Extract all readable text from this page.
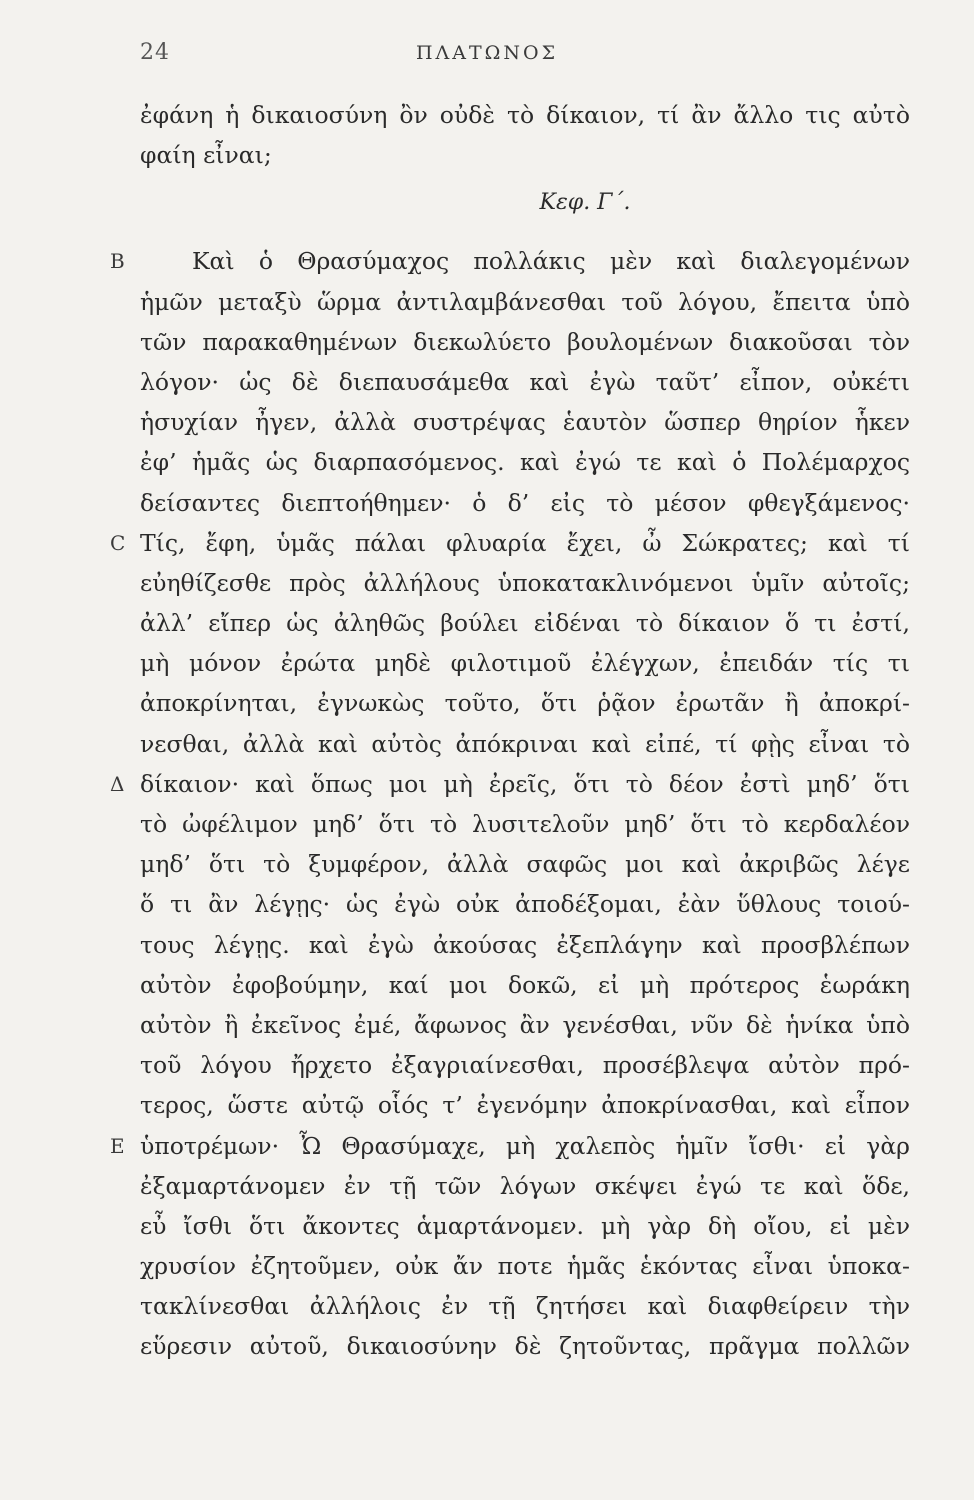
24	ΠΛΑΤΩΝΟΣ
ἐφάνη ἡ δικαιοσύνη ὂν οὐδὲ τὸ δίκαιον, τί ἂν ἄλλο τις αὐτὸ
φαίη εἶναι;
Κεφ. Γ΄.
B	Καὶ ὁ Θρασύμαχος πολλάκις μὲν καὶ διαλεγομένων
ἡμῶν μεταξὺ ὥρμα ἀντιλαμβάνεσθαι τοῦ λόγου, ἔπειτα ὑπὸ
τῶν παρακαθημένων διεκωλύετο βουλομένων διακοῦσαι τὸν
λόγον· ὡς δὲ διεπαυσάμεθα καὶ ἐγὼ ταῦτ’ εἶπον, οὐκέτι
ἡσυχίαν ἦγεν, ἀλλὰ συστρέψας ἑαυτὸν ὥσπερ θηρίον ἧκεν
ἐφ’ ἡμᾶς ὡς διαρπασόμενος. καὶ ἐγώ τε καὶ ὁ Πολέμαρχος
δείσαντες διεπτοήθημεν· ὁ δ’ εἰς τὸ μέσον φθεγξάμενος·
C Τίς, ἔφη, ὑμᾶς πάλαι φλυαρία ἔχει, ὦ Σώκρατες; καὶ τί
εὐηθίζεσθε πρὸς ἀλλήλους ὑποκατακλινόμενοι ὑμῖν αὐτοῖς;
ἀλλ’ εἴπερ ὡς ἀληθῶς βούλει εἰδέναι τὸ δίκαιον ὅ τι ἐστί,
μὴ μόνον ἐρώτα μηδὲ φιλοτιμοῦ ἐλέγχων, ἐπειδάν τίς τι
ἀποκρίνηται, ἐγνωκὼς τοῦτο, ὅτι ῥᾷον ἐρωτᾶν ἢ ἀποκρί-
νεσθαι, ἀλλὰ καὶ αὐτὸς ἀπόκριναι καὶ εἰπέ, τί φῂς εἶναι τὸ
Δ δίκαιον· καὶ ὅπως μοι μὴ ἐρεῖς, ὅτι τὸ δέον ἐστὶ μηδ’ ὅτι
τὸ ὠφέλιμον μηδ’ ὅτι τὸ λυσιτελοῦν μηδ’ ὅτι τὸ κερδαλέον
μηδ’ ὅτι τὸ ξυμφέρον, ἀλλὰ σαφῶς μοι καὶ ἀκριβῶς λέγε
ὅ τι ἂν λέγῃς· ὡς ἐγὼ οὐκ ἀποδέξομαι, ἐὰν ὕθλους τοιού-
τους λέγῃς. καὶ ἐγὼ ἀκούσας ἐξεπλάγην καὶ προσβλέπων
αὐτὸν ἐφοβούμην, καί μοι δοκῶ, εἰ μὴ πρότερος ἑωράκη
αὐτὸν ἢ ἐκεῖνος ἐμέ, ἄφωνος ἂν γενέσθαι, νῦν δὲ ἡνίκα ὑπὸ
τοῦ λόγου ἤρχετο ἐξαγριαίνεσθαι, προσέβλεψα αὐτὸν πρό-
τερος, ὥστε αὐτῷ οἷός τ’ ἐγενόμην ἀποκρίνασθαι, καὶ εἶπον
E ὑποτρέμων· Ὦ Θρασύμαχε, μὴ χαλεπὸς ἡμῖν ἴσθι· εἰ γὰρ
ἐξαμαρτάνομεν ἐν τῇ τῶν λόγων σκέψει ἐγώ τε καὶ ὅδε,
εὖ ἴσθι ὅτι ἄκοντες ἁμαρτάνομεν. μὴ γὰρ δὴ οἴου, εἰ μὲν
χρυσίον ἐζητοῦμεν, οὐκ ἄν ποτε ἡμᾶς ἑκόντας εἶναι ὑποκα-
τακλίνεσθαι ἀλλήλοις ἐν τῇ ζητήσει καὶ διαφθείρειν τὴν
εὕρεσιν αὐτοῦ, δικαιοσύνην δὲ ζητοῦντας, πρᾶγμα πολλῶν
